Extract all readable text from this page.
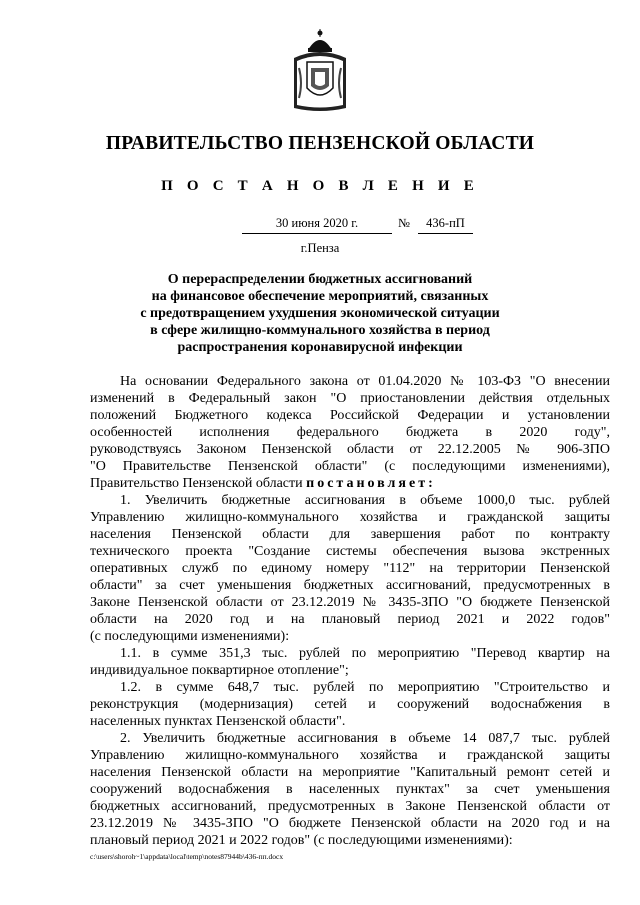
ПРАВИТЕЛЬСТВО ПЕНЗЕНСКОЙ ОБЛАСТИ
П О С Т А Н О В Л Е Н И Е
30 июня 2020 г.	№	436-пП
г.Пенза
О перераспределении бюджетных ассигнований
на финансовое обеспечение мероприятий, связанных
с предотвращением ухудшения экономической ситуации
в сфере жилищно-коммунального хозяйства в период
распространения коронавирусной инфекции
На основании Федерального закона от 01.04.2020 № 103-ФЗ "О внесении
изменений в Федеральный закон "О приостановлении действия отдельных
положений Бюджетного кодекса Российской Федерации и установлении
особенностей исполнения федерального бюджета в 2020 году",
руководствуясь Законом Пензенской области от 22.12.2005 № 906-ЗПО
"О Правительстве Пензенской области" (с последующими изменениями),
Правительство Пензенской области постановляет:
1. Увеличить бюджетные ассигнования в объеме 1000,0 тыс. рублей
Управлению жилищно-коммунального хозяйства и гражданской защиты
населения Пензенской области для завершения работ по контракту
технического проекта "Создание системы обеспечения вызова экстренных
оперативных служб по единому номеру "112" на территории Пензенской
области" за счет уменьшения бюджетных ассигнований, предусмотренных в
Законе Пензенской области от 23.12.2019 № 3435-ЗПО "О бюджете Пензенской
области на 2020 год и на плановый период 2021 и 2022 годов"
(с последующими изменениями):
1.1. в сумме 351,3 тыс. рублей по мероприятию "Перевод квартир на
индивидуальное поквартирное отопление";
1.2. в сумме 648,7 тыс. рублей по мероприятию "Строительство и
реконструкция (модернизация) сетей и сооружений водоснабжения в
населенных пунктах Пензенской области".
2. Увеличить бюджетные ассигнования в объеме 14 087,7 тыс. рублей
Управлению жилищно-коммунального хозяйства и гражданской защиты
населения Пензенской области на мероприятие "Капитальный ремонт сетей и
сооружений водоснабжения в населенных пунктах" за счет уменьшения
бюджетных ассигнований, предусмотренных в Законе Пензенской области от
23.12.2019 № 3435-ЗПО "О бюджете Пензенской области на 2020 год и на
плановый период 2021 и 2022 годов" (с последующими изменениями):
c:\users\shoroh~1\appdata\local\temp\notes87944b\436-пп.docx
